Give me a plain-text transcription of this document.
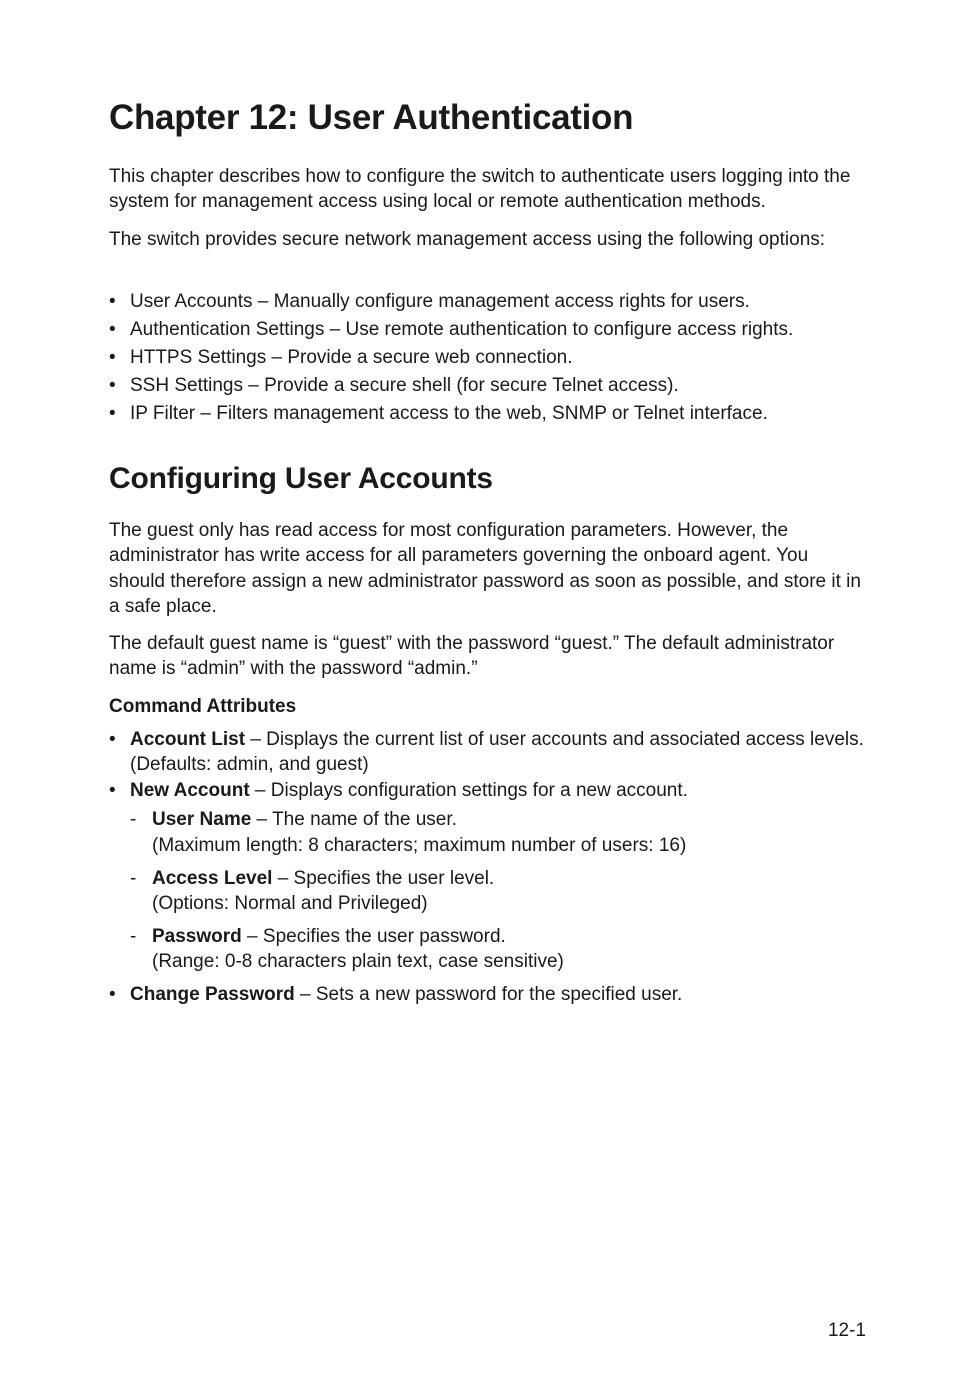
Chapter 12: User Authentication

This chapter describes how to configure the switch to authenticate users logging into the system for management access using local or remote authentication methods.

The switch provides secure network management access using the following options:

• User Accounts – Manually configure management access rights for users.
• Authentication Settings – Use remote authentication to configure access rights.
• HTTPS Settings – Provide a secure web connection.
• SSH Settings – Provide a secure shell (for secure Telnet access).
• IP Filter – Filters management access to the web, SNMP or Telnet interface.
Configuring User Accounts

The guest only has read access for most configuration parameters. However, the administrator has write access for all parameters governing the onboard agent. You should therefore assign a new administrator password as soon as possible, and store it in a safe place.

The default guest name is “guest” with the password “guest.” The default administrator name is “admin” with the password “admin.”

Command Attributes

• Account List – Displays the current list of user accounts and associated access levels. (Defaults: admin, and guest)
• New Account – Displays configuration settings for a new account.
- User Name – The name of the user.
(Maximum length: 8 characters; maximum number of users: 16)
- Access Level – Specifies the user level.
(Options: Normal and Privileged)
- Password – Specifies the user password.
(Range: 0-8 characters plain text, case sensitive)
• Change Password – Sets a new password for the specified user.
12-1
